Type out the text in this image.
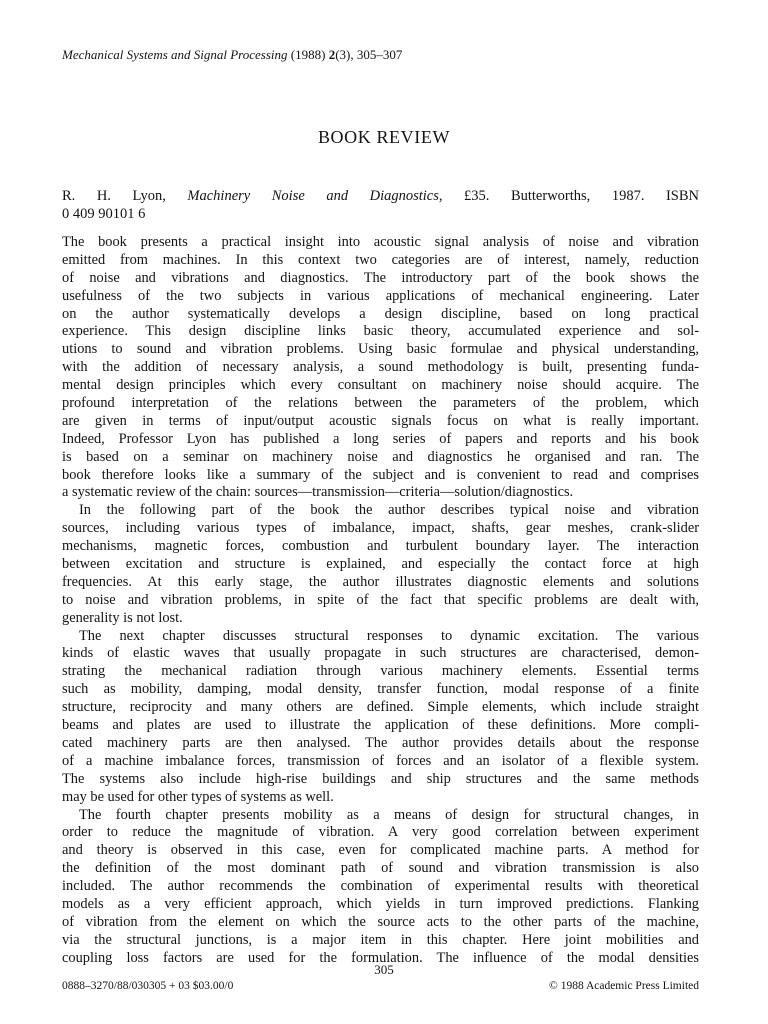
Mechanical Systems and Signal Processing (1988) 2(3), 305–307
BOOK REVIEW
R. H. Lyon, Machinery Noise and Diagnostics, £35. Butterworths, 1987. ISBN
0 409 90101 6
The book presents a practical insight into acoustic signal analysis of noise and vibration
emitted from machines. In this context two categories are of interest, namely, reduction
of noise and vibrations and diagnostics. The introductory part of the book shows the
usefulness of the two subjects in various applications of mechanical engineering. Later
on the author systematically develops a design discipline, based on long practical
experience. This design discipline links basic theory, accumulated experience and sol-
utions to sound and vibration problems. Using basic formulae and physical understanding,
with the addition of necessary analysis, a sound methodology is built, presenting funda-
mental design principles which every consultant on machinery noise should acquire. The
profound interpretation of the relations between the parameters of the problem, which
are given in terms of input/output acoustic signals focus on what is really important.
Indeed, Professor Lyon has published a long series of papers and reports and his book
is based on a seminar on machinery noise and diagnostics he organised and ran. The
book therefore looks like a summary of the subject and is convenient to read and comprises
a systematic review of the chain: sources—transmission—criteria—solution/diagnostics.
In the following part of the book the author describes typical noise and vibration
sources, including various types of imbalance, impact, shafts, gear meshes, crank-slider
mechanisms, magnetic forces, combustion and turbulent boundary layer. The interaction
between excitation and structure is explained, and especially the contact force at high
frequencies. At this early stage, the author illustrates diagnostic elements and solutions
to noise and vibration problems, in spite of the fact that specific problems are dealt with,
generality is not lost.
The next chapter discusses structural responses to dynamic excitation. The various
kinds of elastic waves that usually propagate in such structures are characterised, demon-
strating the mechanical radiation through various machinery elements. Essential terms
such as mobility, damping, modal density, transfer function, modal response of a finite
structure, reciprocity and many others are defined. Simple elements, which include straight
beams and plates are used to illustrate the application of these definitions. More compli-
cated machinery parts are then analysed. The author provides details about the response
of a machine imbalance forces, transmission of forces and an isolator of a flexible system.
The systems also include high-rise buildings and ship structures and the same methods
may be used for other types of systems as well.
The fourth chapter presents mobility as a means of design for structural changes, in
order to reduce the magnitude of vibration. A very good correlation between experiment
and theory is observed in this case, even for complicated machine parts. A method for
the definition of the most dominant path of sound and vibration transmission is also
included. The author recommends the combination of experimental results with theoretical
models as a very efficient approach, which yields in turn improved predictions. Flanking
of vibration from the element on which the source acts to the other parts of the machine,
via the structural junctions, is a major item in this chapter. Here joint mobilities and
coupling loss factors are used for the formulation. The influence of the modal densities
305
0888–3270/88/030305 + 03 $03.00/0	© 1988 Academic Press Limited
